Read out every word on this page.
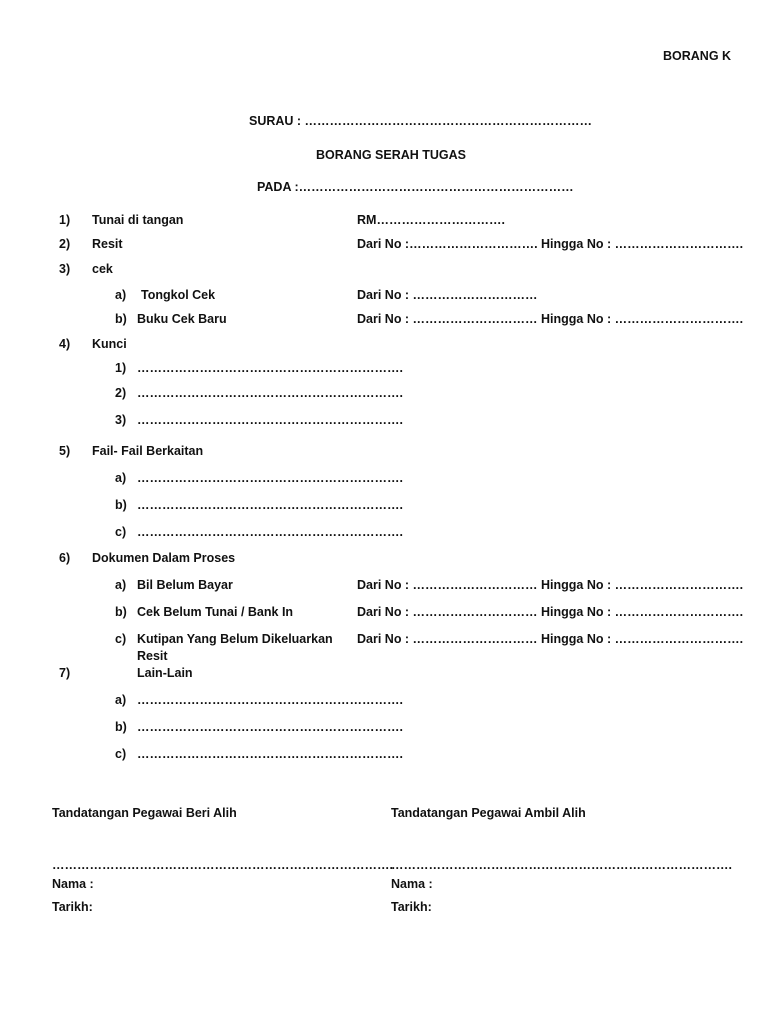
BORANG K
SURAU : ……………………………………………………………
BORANG SERAH TUGAS
PADA :…………………………………………………………
1) Tunai di tangan	RM………………………….
2) Resit	Dari No :…………………………. Hingga No : ………………………….
3) cek
a) Tongkol Cek	Dari No : …………………………
b) Buku Cek Baru	Dari No : ………………………… Hingga No : ………………………….
4) Kunci
1) ……………………………………………………….
2) ……………………………………………………….
3) ……………………………………………………….
5) Fail- Fail Berkaitan
a) ……………………………………………………….
b) ……………………………………………………….
c) ……………………………………………………….
6) Dokumen Dalam Proses
a) Bil Belum Bayar	Dari No : ………………………… Hingga No : ………………………….
b) Cek Belum Tunai / Bank In	Dari No : ………………………… Hingga No : ………………………….
c) Kutipan Yang Belum Dikeluarkan
Resit
Dari No : ………………………… Hingga No : ………………………….
7)	Lain-Lain
a) ……………………………………………………….
b) ……………………………………………………….
c) ……………………………………………………….
Tandatangan Pegawai Beri Alih
……………………………………………………………………….
Nama :
Tarikh:
Tandatangan Pegawai Ambil Alih
……………………………………………………………………….
Nama :
Tarikh:
